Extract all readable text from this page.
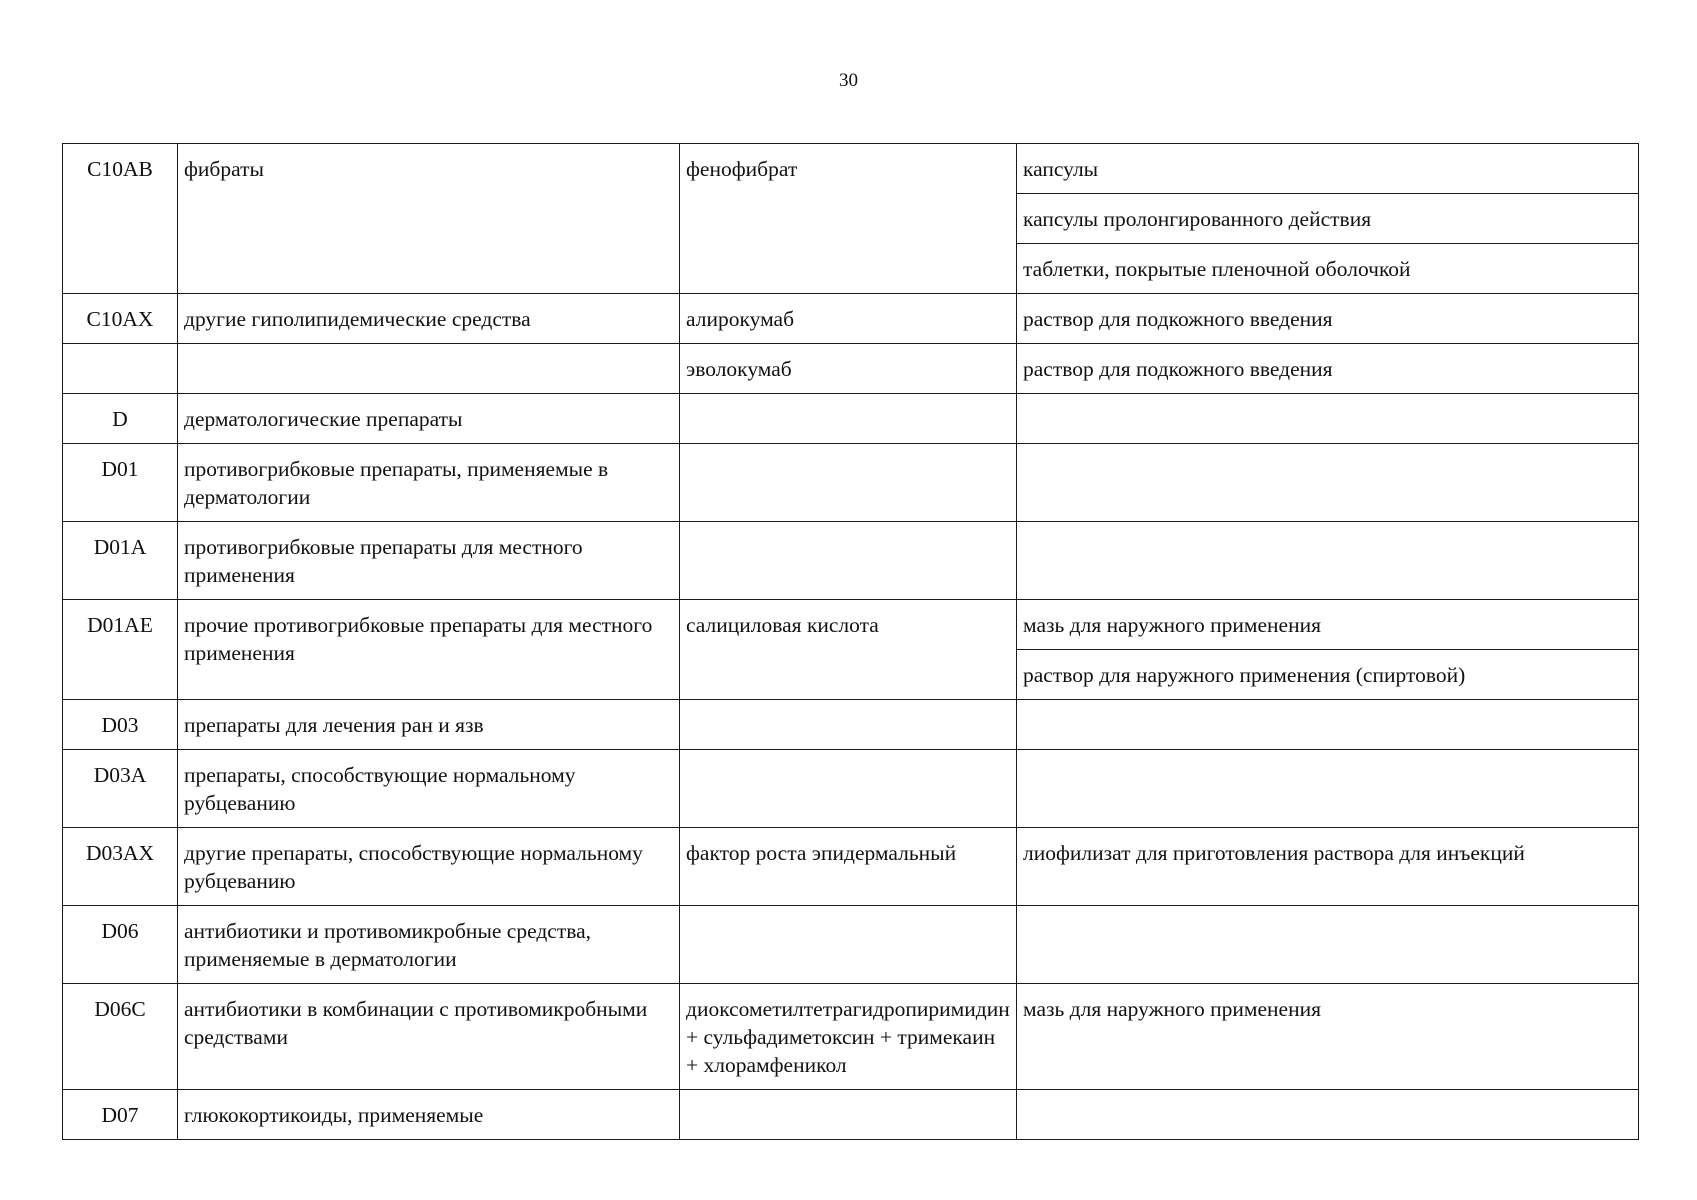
30
C10AB	фибраты	фенофибрат	капсулы
			капсулы пролонгированного действия
			таблетки, покрытые пленочной оболочкой
C10AX	другие гиполипидемические средства	алирокумаб	раствор для подкожного введения
		эволокумаб	раствор для подкожного введения
D	дерматологические препараты		
D01	противогрибковые препараты, применяемые в дерматологии		
D01A	противогрибковые препараты для местного применения		
D01AE	прочие противогрибковые препараты для местного применения	салициловая кислота	мазь для наружного применения
			раствор для наружного применения (спиртовой)
D03	препараты для лечения ран и язв		
D03A	препараты, способствующие нормальному рубцеванию		
D03AX	другие препараты, способствующие нормальному рубцеванию	фактор роста эпидермальный	лиофилизат для приготовления раствора для инъекций
D06	антибиотики и противомикробные средства, применяемые в дерматологии		
D06C	антибиотики в комбинации с противомикробными средствами	диоксометилтетрагидропиримидин + сульфадиметоксин + тримекаин + хлорамфеникол	мазь для наружного применения
D07	глюкокортикоиды, применяемые		
